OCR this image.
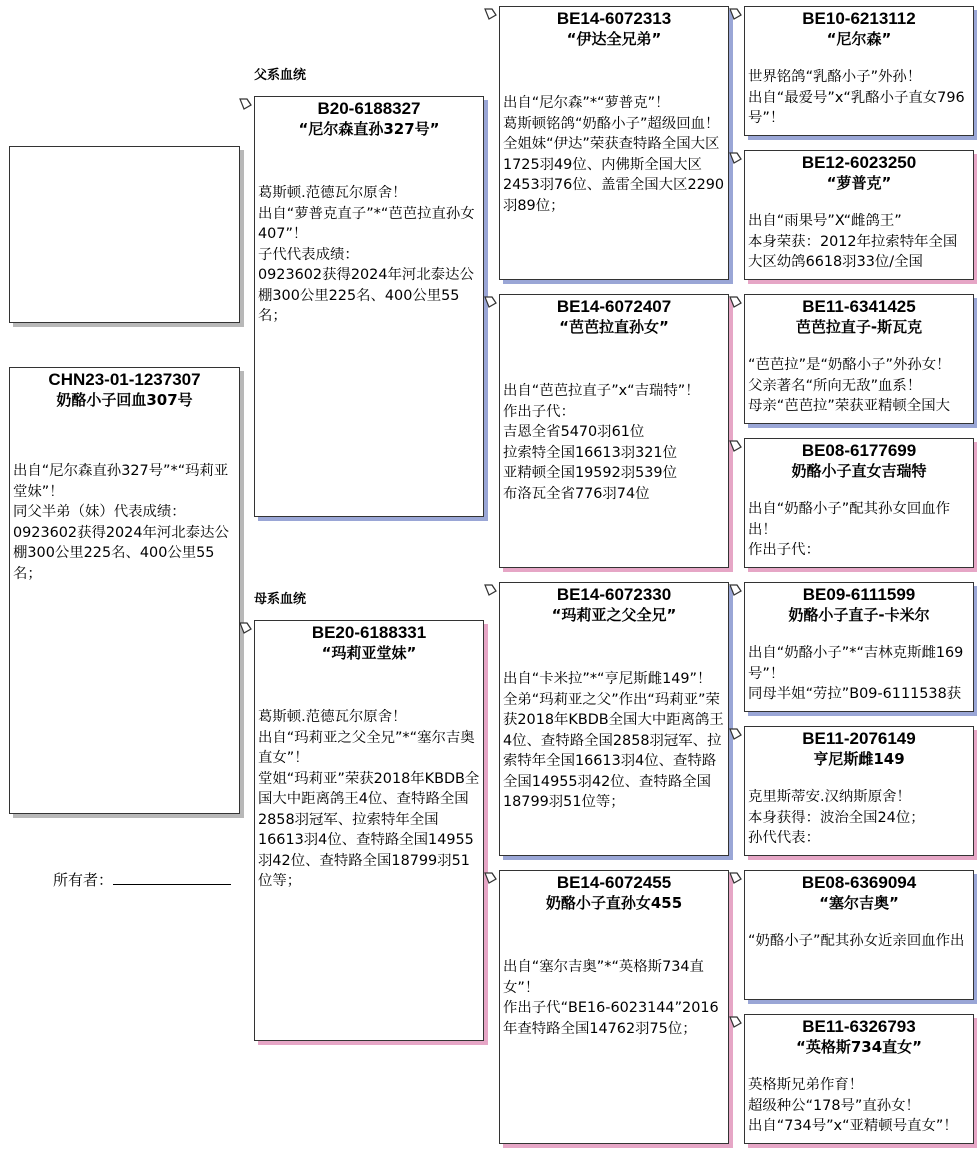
CHN23-01-1237307
奶酪小子回血307号
出自“尼尔森直孙327号”*“玛莉亚堂妹”！
同父半弟（妹）代表成绩：
0923602获得2024年河北泰达公棚300公里225名、400公里55名；
所有者：
父系血统
母系血统
B20-6188327
“尼尔森直孙327号”
葛斯顿.范德瓦尔原舍！
出自“萝普克直子”*“芭芭拉直孙女407”！
子代代表成绩：
0923602获得2024年河北泰达公棚300公里225名、400公里55名；
BE20-6188331
“玛莉亚堂妹”
葛斯顿.范德瓦尔原舍！
出自“玛莉亚之父全兄”*“塞尔吉奥直女”！
堂姐“玛莉亚”荣获2018年KBDB全国大中距离鸽王4位、查特路全国2858羽冠军、拉索特年全国16613羽4位、查特路全国14955羽42位、查特路全国18799羽51位等；
BE14-6072313
“伊达全兄弟”
出自“尼尔森”*“萝普克”！
葛斯顿铭鸽“奶酪小子”超级回血！
全姐妹“伊达”荣获查特路全国大区1725羽49位、内佛斯全国大区2453羽76位、盖雷全国大区2290羽89位；
BE14-6072407
“芭芭拉直孙女”
出自“芭芭拉直子”x“吉瑞特”！
作出子代：
吉恩全省5470羽61位
拉索特全国16613羽321位
亚精顿全国19592羽539位
布洛瓦全省776羽74位
BE14-6072330
“玛莉亚之父全兄”
出自“卡米拉”*“亨尼斯雌149”！
全弟“玛莉亚之父”作出“玛莉亚”荣获2018年KBDB全国大中距离鸽王4位、查特路全国2858羽冠军、拉索特年全国16613羽4位、查特路全国14955羽42位、查特路全国18799羽51位等；
BE14-6072455
奶酪小子直孙女455
出自“塞尔吉奥”*“英格斯734直女”！
作出子代“BE16-6023144”2016年查特路全国14762羽75位；
BE10-6213112
“尼尔森”
世界铭鸽“乳酪小子”外孙！
出自“最爱号”x“乳酪小子直女796号”！
BE12-6023250
“萝普克”
出自“雨果号”X“雌鸽王”
本身荣获：2012年拉索特年全国大区幼鸽6618羽33位/全国
BE11-6341425
芭芭拉直子-斯瓦克
“芭芭拉”是“奶酪小子”外孙女！
父亲著名“所向无敌”血系！
母亲“芭芭拉”荣获亚精顿全国大
BE08-6177699
奶酪小子直女吉瑞特
出自“奶酪小子”配其孙女回血作出！
作出子代：
BE09-6111599
奶酪小子直子-卡米尔
出自“奶酪小子”*“吉林克斯雌169号”！
同母半姐“劳拉”B09-6111538获
BE11-2076149
亨尼斯雌149
克里斯蒂安.汉纳斯原舍！
本身获得：波治全国24位；
孙代代表：
BE08-6369094
“塞尔吉奥”
“奶酪小子”配其孙女近亲回血作出
BE11-6326793
“英格斯734直女”
英格斯兄弟作育！
超级种公“178号”直孙女！
出自“734号”x“亚精顿号直女”！
